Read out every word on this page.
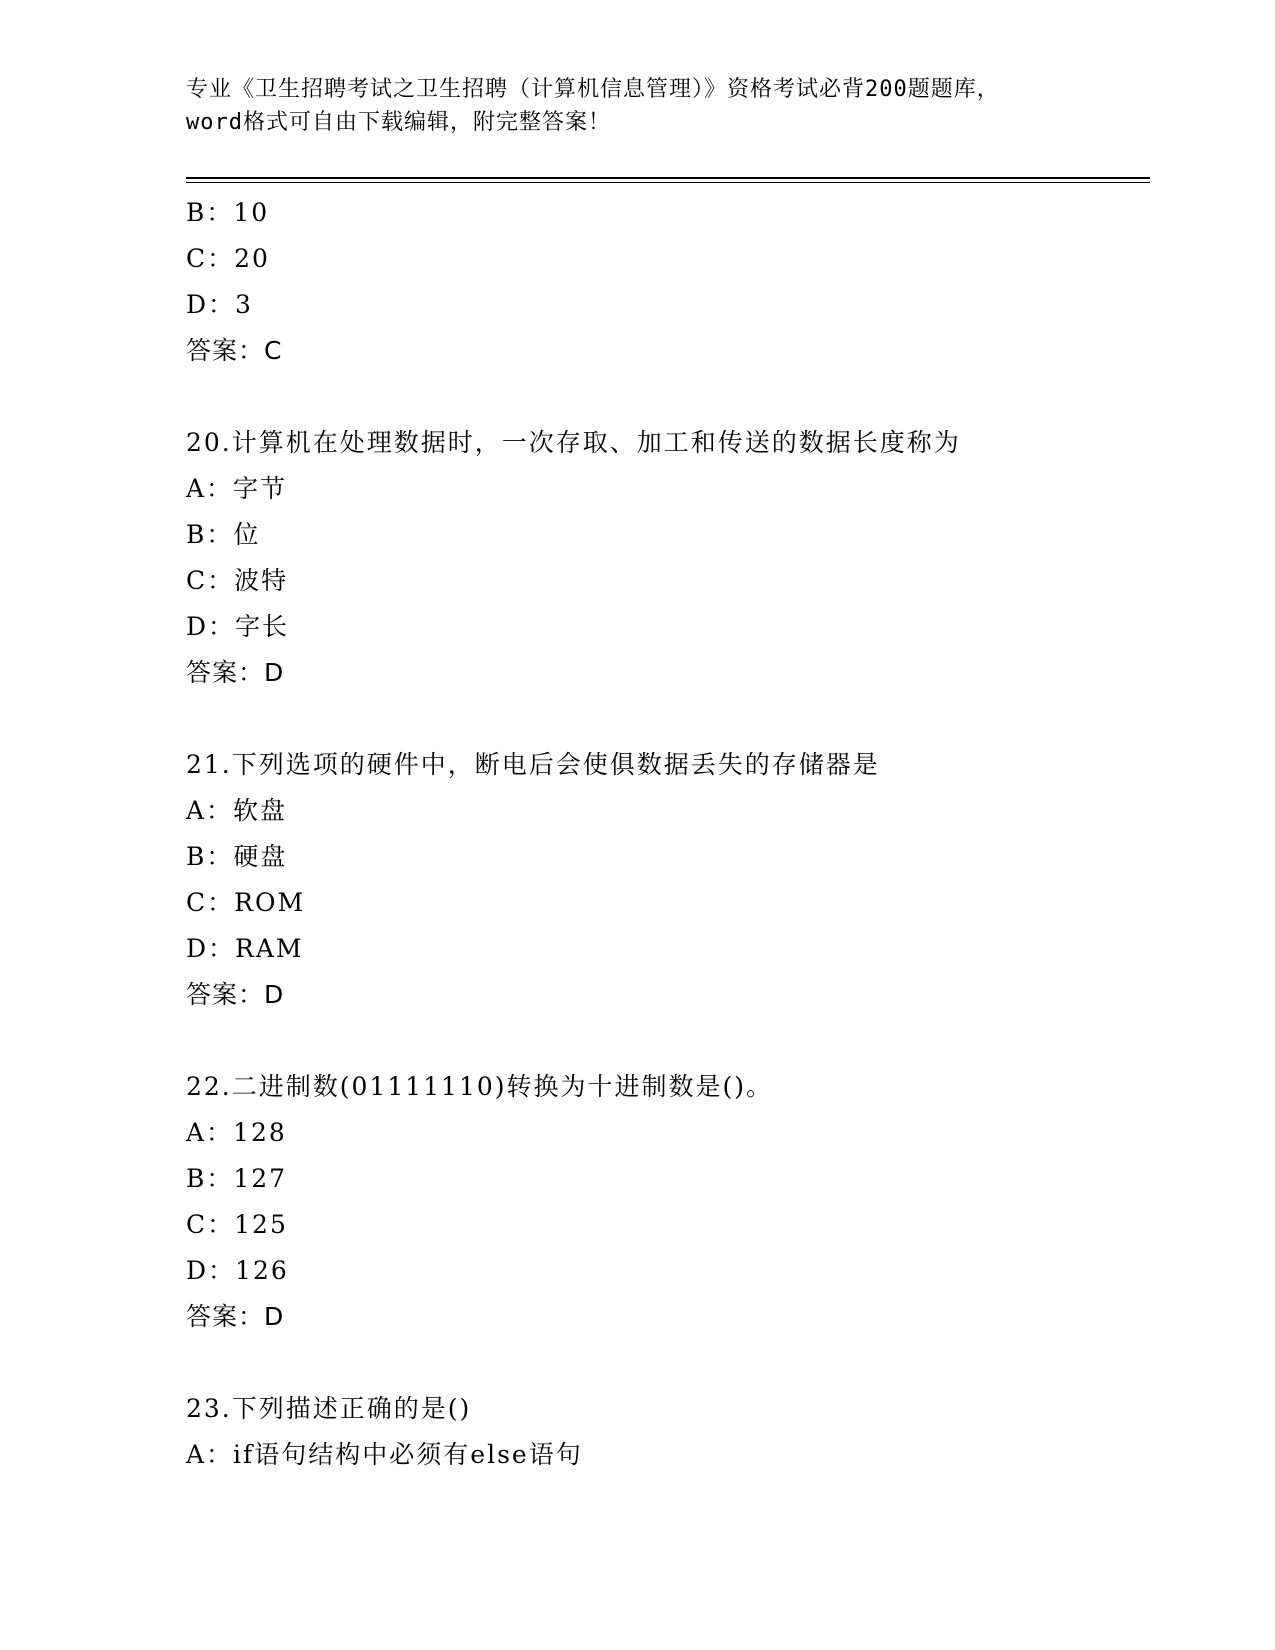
专业《卫生招聘考试之卫生招聘（计算机信息管理）》资格考试必背200题题库，
word格式可自由下载编辑，附完整答案！
B：10
C：20
D：3
答案：C
20.计算机在处理数据时，一次存取、加工和传送的数据长度称为
A：字节
B：位
C：波特
D：字长
答案：D
21.下列选项的硬件中，断电后会使俱数据丢失的存储器是
A：软盘
B：硬盘
C：ROM
D：RAM
答案：D
22.二进制数(01111110)转换为十进制数是()。
A：128
B：127
C：125
D：126
答案：D
23.下列描述正确的是()
A：if语句结构中必须有else语句
